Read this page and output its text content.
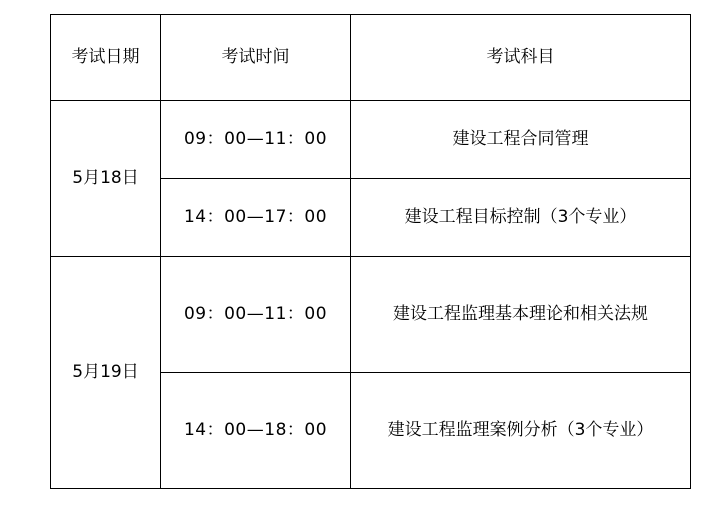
考试日期	考试时间	考试科目
5月18日	09：00—11：00	建设工程合同管理
	14：00—17：00	建设工程目标控制（3个专业）
5月19日	09：00—11：00	建设工程监理基本理论和相关法规
	14：00—18：00	建设工程监理案例分析（3个专业）
